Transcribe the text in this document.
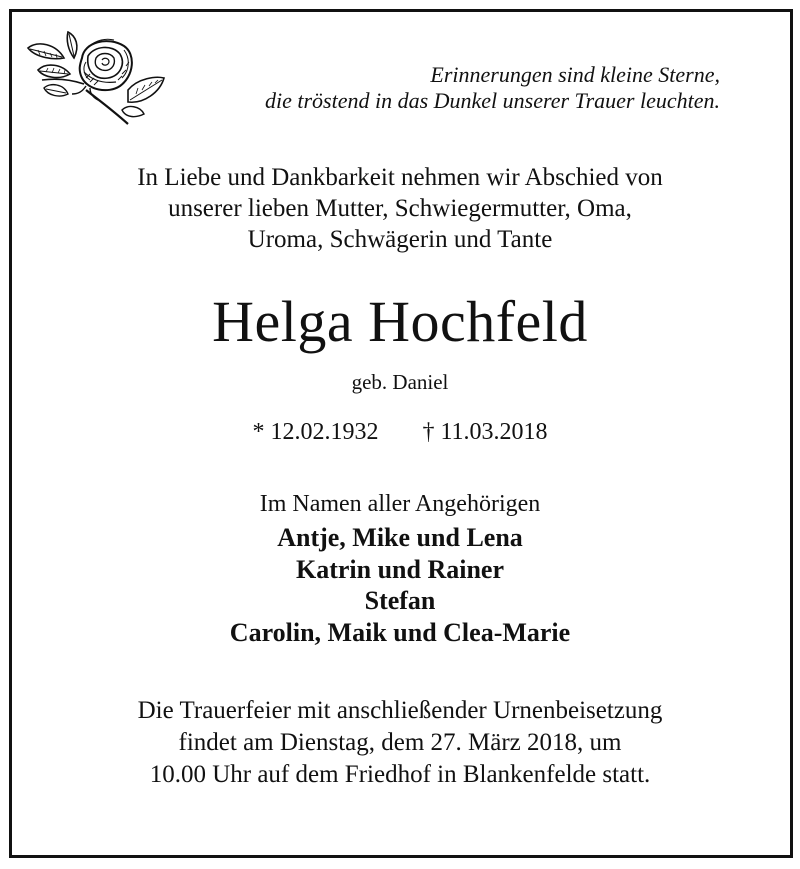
Erinnerungen sind kleine Sterne,
die tröstend in das Dunkel unserer Trauer leuchten.
In Liebe und Dankbarkeit nehmen wir Abschied von
unserer lieben Mutter, Schwiegermutter, Oma,
Uroma, Schwägerin und Tante
Helga Hochfeld
geb. Daniel
* 12.02.1932 † 11.03.2018
Im Namen aller Angehörigen
Antje, Mike und Lena
Katrin und Rainer
Stefan
Carolin, Maik und Clea-Marie
Die Trauerfeier mit anschließender Urnenbeisetzung
findet am Dienstag, dem 27. März 2018, um
10.00 Uhr auf dem Friedhof in Blankenfelde statt.
